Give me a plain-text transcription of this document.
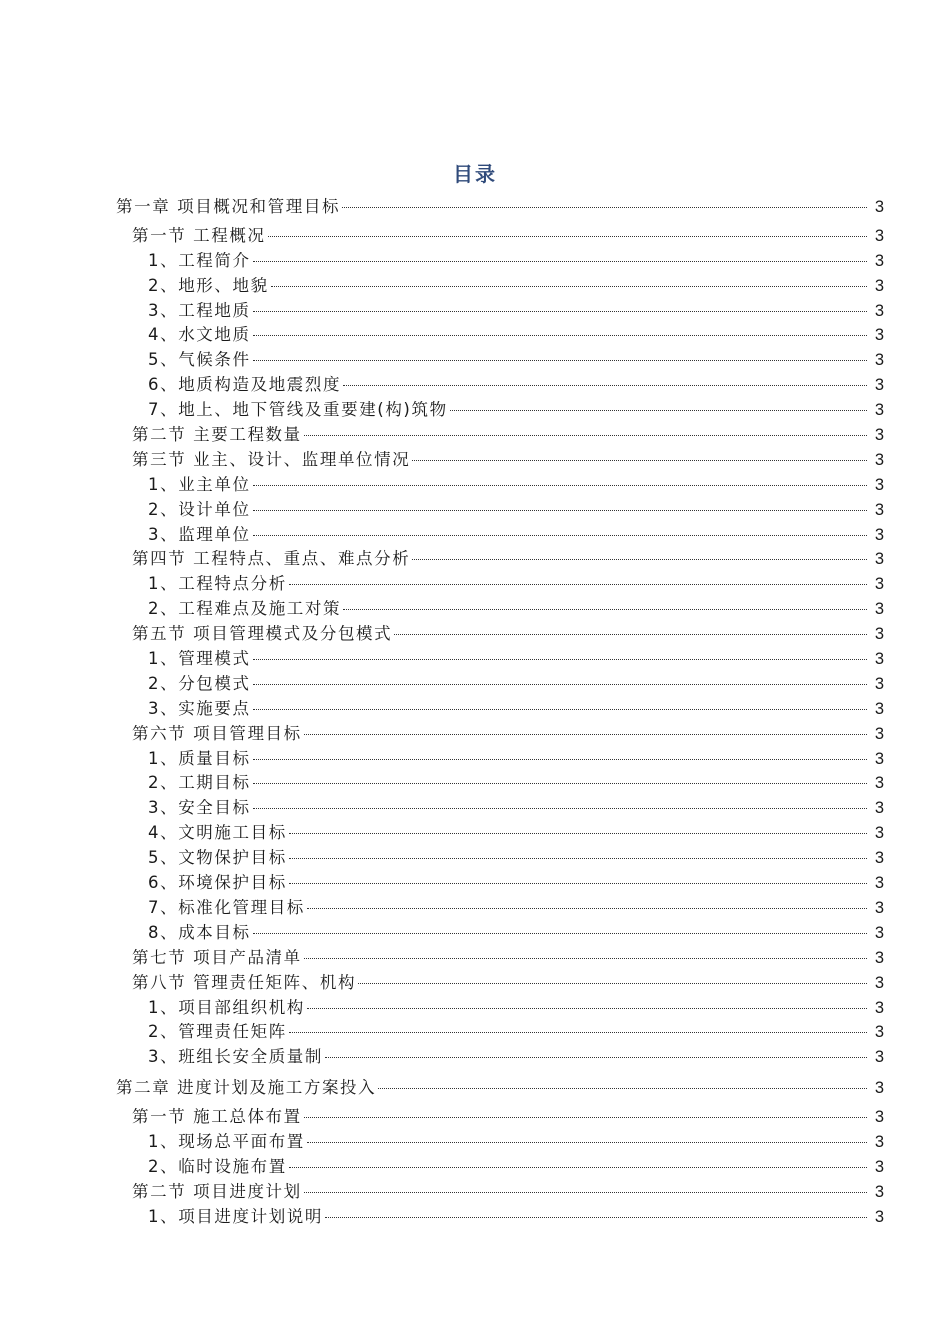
目录
第一章 项目概况和管理目标	3
第一节 工程概况	3
1、工程简介	3
2、地形、地貌	3
3、工程地质	3
4、水文地质	3
5、气候条件	3
6、地质构造及地震烈度	3
7、地上、地下管线及重要建(构)筑物	3
第二节 主要工程数量	3
第三节 业主、设计、监理单位情况	3
1、业主单位	3
2、设计单位	3
3、监理单位	3
第四节 工程特点、重点、难点分析	3
1、工程特点分析	3
2、工程难点及施工对策	3
第五节 项目管理模式及分包模式	3
1、管理模式	3
2、分包模式	3
3、实施要点	3
第六节 项目管理目标	3
1、质量目标	3
2、工期目标	3
3、安全目标	3
4、文明施工目标	3
5、文物保护目标	3
6、环境保护目标	3
7、标准化管理目标	3
8、成本目标	3
第七节 项目产品清单	3
第八节 管理责任矩阵、机构	3
1、项目部组织机构	3
2、管理责任矩阵	3
3、班组长安全质量制	3
第二章 进度计划及施工方案投入	3
第一节 施工总体布置	3
1、现场总平面布置	3
2、临时设施布置	3
第二节 项目进度计划	3
1、项目进度计划说明	3
